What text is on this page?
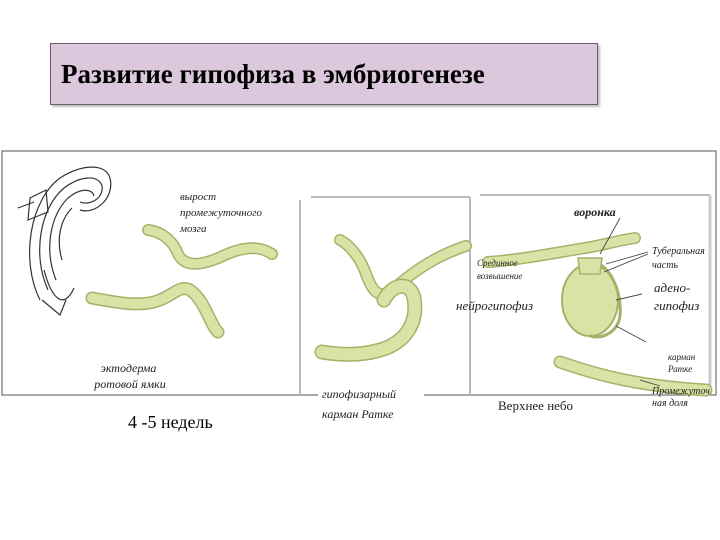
Развитие гипофиза в эмбриогенезе
вырост промежуточного мозга
эктодерма ротовой ямки
гипофизарный карман Ратке
воронка
Срединное возвышение
нейрогипофиз
Верхнее небо
Туберальная часть
адено- гипофиз
карман Ратке
Промежуточ ная доля
4 -5 недель
